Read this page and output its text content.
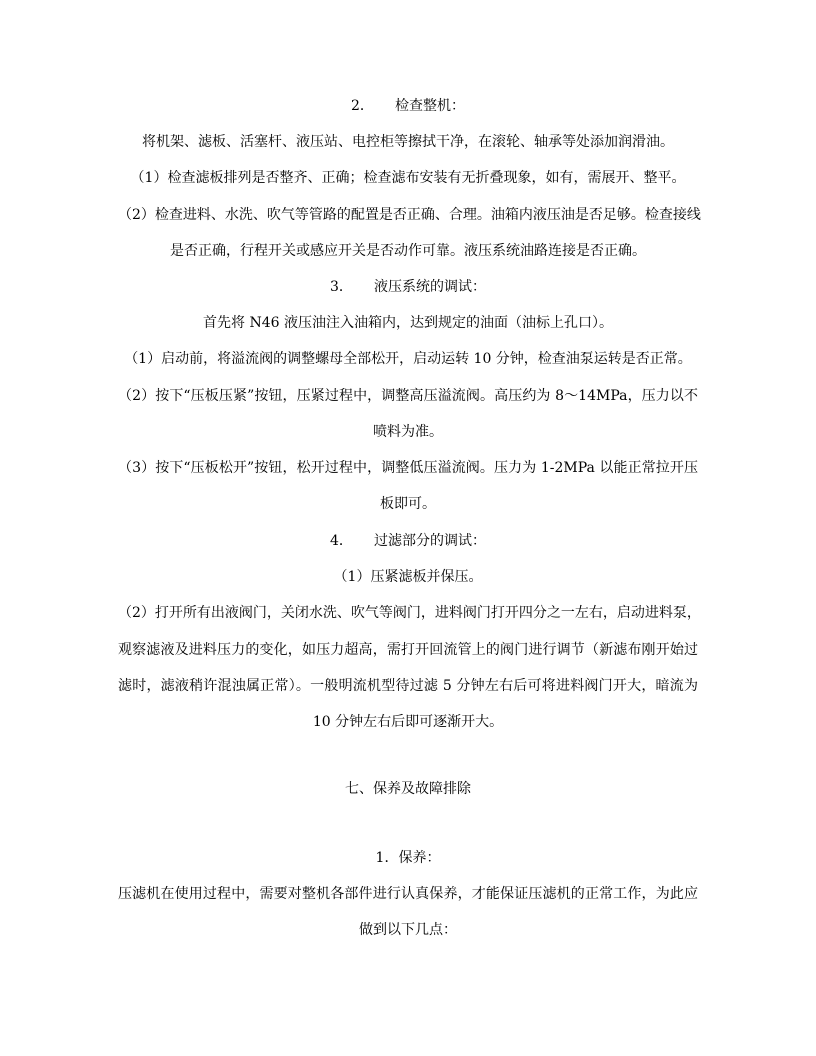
2． 检查整机：
将机架、滤板、活塞杆、液压站、电控柜等擦拭干净，在滚轮、轴承等处添加润滑油。
（1）检查滤板排列是否整齐、正确；检查滤布安装有无折叠现象，如有，需展开、整平。
（2）检查进料、水洗、吹气等管路的配置是否正确、合理。油箱内液压油是否足够。检查接线
是否正确，行程开关或感应开关是否动作可靠。液压系统油路连接是否正确。
3． 液压系统的调试：
首先将 N46 液压油注入油箱内，达到规定的油面（油标上孔口）。
（1）启动前，将溢流阀的调整螺母全部松开，启动运转 10 分钟，检查油泵运转是否正常。
（2）按下“压板压紧”按钮，压紧过程中，调整高压溢流阀。高压约为 8～14MPa，压力以不
喷料为准。
（3）按下“压板松开”按钮，松开过程中，调整低压溢流阀。压力为 1-2MPa 以能正常拉开压
板即可。
4． 过滤部分的调试：
（1）压紧滤板并保压。
（2）打开所有出液阀门，关闭水洗、吹气等阀门，进料阀门打开四分之一左右，启动进料泵，
观察滤液及进料压力的变化，如压力超高，需打开回流管上的阀门进行调节（新滤布刚开始过
滤时，滤液稍许混浊属正常）。一般明流机型待过滤 5 分钟左右后可将进料阀门开大，暗流为
10 分钟左右后即可逐渐开大。
七、保养及故障排除
1．保养：
压滤机在使用过程中，需要对整机各部件进行认真保养，才能保证压滤机的正常工作，为此应
做到以下几点：
